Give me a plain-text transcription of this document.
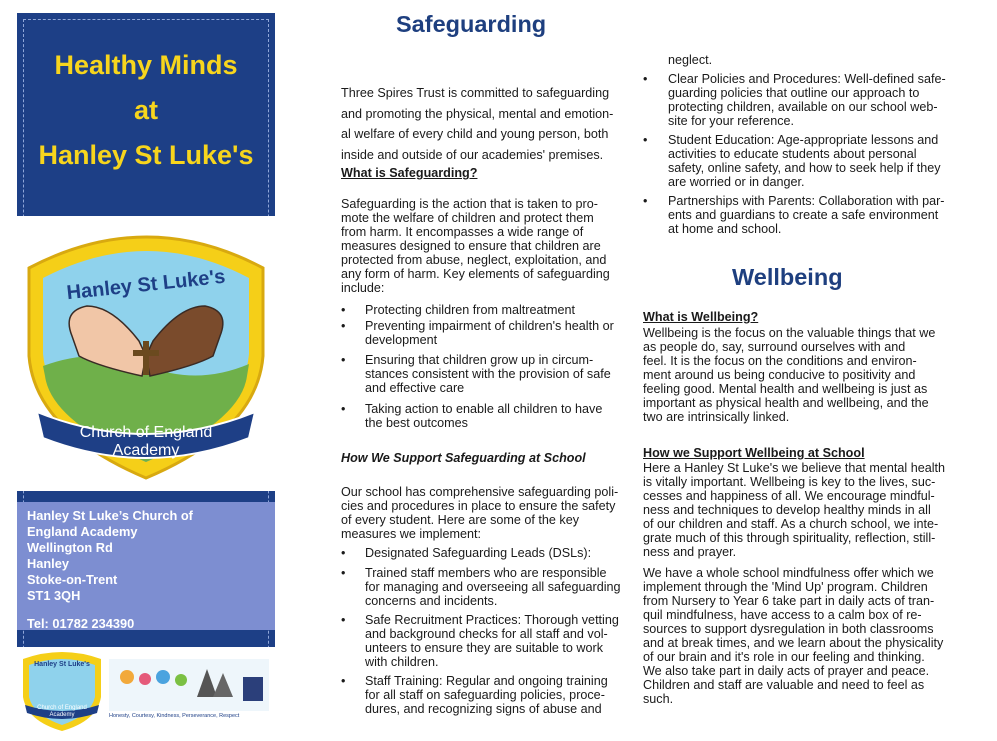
Healthy Minds
at
Hanley St Luke's
Hanley St Luke's
Church of England
Academy
Hanley St Luke’s Church of
England Academy
Wellington Rd
Hanley
Stoke-on-Trent
ST1 3QH
Tel: 01782 234390
Hanley St Luke's
Church of England
Academy	Honesty, Courtesy, Kindness, Perseverance, Respect
Safeguarding
Three Spires Trust is committed to safeguarding
and promoting the physical, mental and emotion-
al welfare of every child and young person, both
inside and outside of our academies' premises.
What is Safeguarding?
Safeguarding is the action that is taken to pro-
mote the welfare of children and protect them
from harm. It encompasses a wide range of
measures designed to ensure that children are
protected from abuse, neglect, exploitation, and
any form of harm. Key elements of safeguarding
include:
• Protecting children from maltreatment
• Preventing impairment of children's health or
development
• Ensuring that children grow up in circum-
stances consistent with the provision of safe
and effective care
• Taking action to enable all children to have
the best outcomes
How We Support Safeguarding at School
Our school has comprehensive safeguarding poli-
cies and procedures in place to ensure the safety
of every student. Here are some of the key
measures we implement:
• Designated Safeguarding Leads (DSLs):
• Trained staff members who are responsible
for managing and overseeing all safeguarding
concerns and incidents.
• Safe Recruitment Practices: Thorough vetting
and background checks for all staff and vol-
unteers to ensure they are suitable to work
with children.
• Staff Training: Regular and ongoing training
for all staff on safeguarding policies, proce-
dures, and recognizing signs of abuse and
neglect.
• Clear Policies and Procedures: Well-defined safe-
guarding policies that outline our approach to
protecting children, available on our school web-
site for your reference.
• Student Education: Age-appropriate lessons and
activities to educate students about personal
safety, online safety, and how to seek help if they
are worried or in danger.
• Partnerships with Parents: Collaboration with par-
ents and guardians to create a safe environment
at home and school.
Wellbeing
What is Wellbeing?
Wellbeing is the focus on the valuable things that we
as people do, say, surround ourselves with and
feel. It is the focus on the conditions and environ-
ment around us being conducive to positivity and
feeling good. Mental health and wellbeing is just as
important as physical health and wellbeing, and the
two are intrinsically linked.
How we Support Wellbeing at School
Here a Hanley St Luke's we believe that mental health
is vitally important. Wellbeing is key to the lives, suc-
cesses and happiness of all. We encourage mindful-
ness and techniques to develop healthy minds in all
of our children and staff. As a church school, we inte-
grate much of this through spirituality, reflection, still-
ness and prayer.
We have a whole school mindfulness offer which we
implement through the 'Mind Up' program. Children
from Nursery to Year 6 take part in daily acts of tran-
quil mindfulness, have access to a calm box of re-
sources to support dysregulation in both classrooms
and at break times, and we learn about the physicality
of our brain and it's role in our feeling and thinking.
We also take part in daily acts of prayer and peace.
Children and staff are valuable and need to feel as
such.
